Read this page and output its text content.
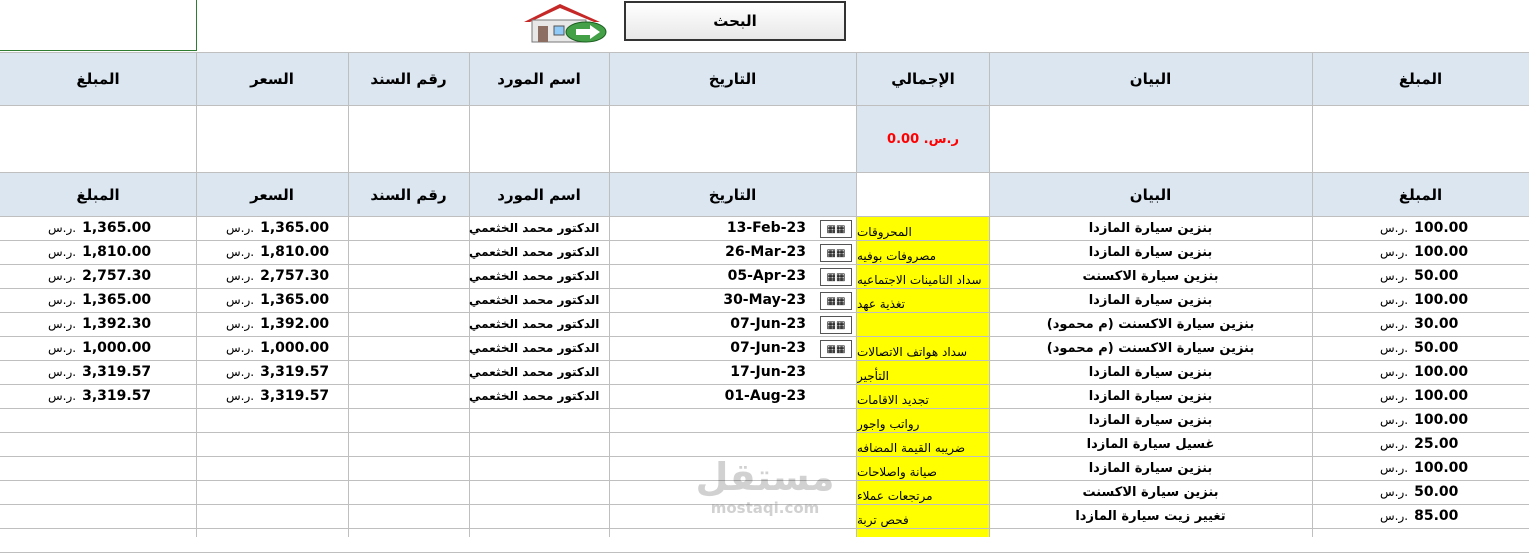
البحث
المبلغ
البيان
الإجمالي
التاريخ
اسم المورد
رقم السند
السعر
المبلغ
ر.س. 0.00
المبلغ
البيان
التاريخ
اسم المورد
رقم السند
السعر
المبلغ
ر.س. 100.00
بنزين سيارة المازدا
المحروقات
▦▦
13-Feb-23
الدكتور محمد الخثعمي
ر.س. 1,365.00
ر.س. 1,365.00
ر.س. 100.00
بنزين سيارة المازدا
مصروفات بوفيه
▦▦
26-Mar-23
الدكتور محمد الخثعمي
ر.س. 1,810.00
ر.س. 1,810.00
ر.س. 50.00
بنزين سيارة الاكسنت
سداد التامينات الاجتماعيه
▦▦
05-Apr-23
الدكتور محمد الخثعمي
ر.س. 2,757.30
ر.س. 2,757.30
ر.س. 100.00
بنزين سيارة المازدا
تغذية عهد
▦▦
30-May-23
الدكتور محمد الخثعمي
ر.س. 1,365.00
ر.س. 1,365.00
ر.س. 30.00
بنزين سيارة الاكسنت (م محمود)
▦▦
07-Jun-23
الدكتور محمد الخثعمي
ر.س. 1,392.00
ر.س. 1,392.30
ر.س. 50.00
بنزين سيارة الاكسنت (م محمود)
سداد هواتف الاتصالات
▦▦
07-Jun-23
الدكتور محمد الخثعمي
ر.س. 1,000.00
ر.س. 1,000.00
ر.س. 100.00
بنزين سيارة المازدا
التأجير
17-Jun-23
الدكتور محمد الخثعمي
ر.س. 3,319.57
ر.س. 3,319.57
ر.س. 100.00
بنزين سيارة المازدا
تجديد الاقامات
01-Aug-23
الدكتور محمد الخثعمي
ر.س. 3,319.57
ر.س. 3,319.57
ر.س. 100.00
بنزين سيارة المازدا
رواتب واجور
ر.س. 25.00
غسيل سيارة المازدا
ضريبه القيمة المضافه
ر.س. 100.00
بنزين سيارة المازدا
صيانة واصلاحات
ر.س. 50.00
بنزين سيارة الاكسنت
مرتجعات عملاء
ر.س. 85.00
تغيير زيت سيارة المازدا
فحص تربة
مستقل
mostaqi.com
